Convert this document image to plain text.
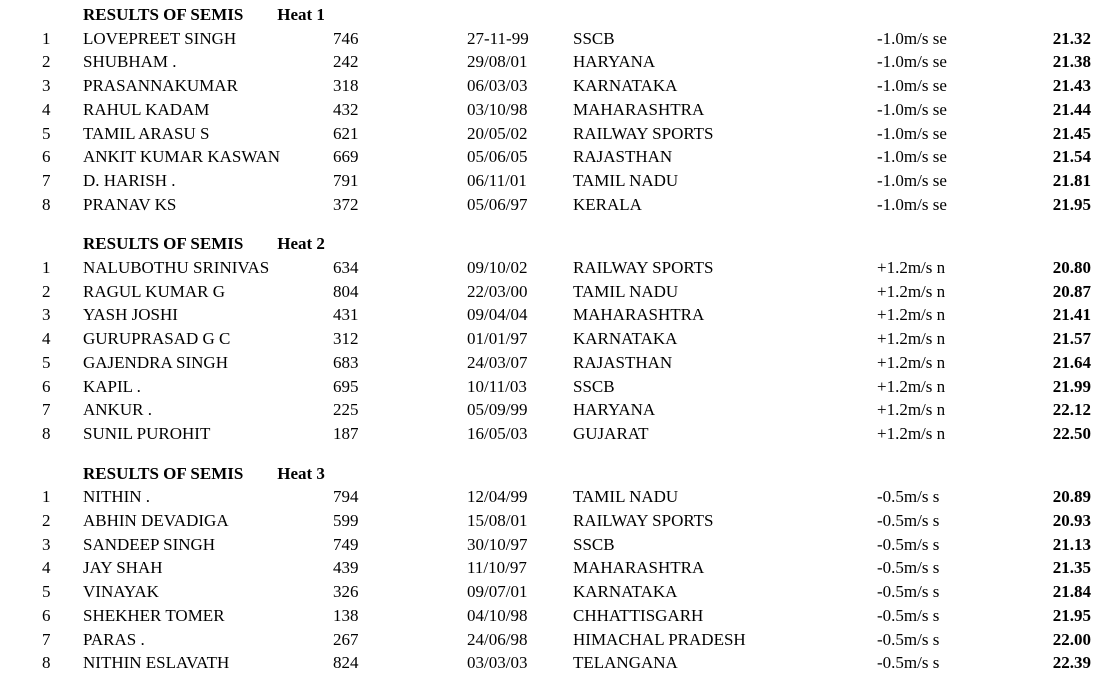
RESULTS OF SEMIS Heat 1
1	LOVEPREET SINGH	746	27-11-99	SSCB	-1.0m/s se	21.32
2	SHUBHAM .	242	29/08/01	HARYANA	-1.0m/s se	21.38
3	PRASANNAKUMAR	318	06/03/03	KARNATAKA	-1.0m/s se	21.43
4	RAHUL KADAM	432	03/10/98	MAHARASHTRA	-1.0m/s se	21.44
5	TAMIL ARASU S	621	20/05/02	RAILWAY SPORTS	-1.0m/s se	21.45
6	ANKIT KUMAR KASWAN	669	05/06/05	RAJASTHAN	-1.0m/s se	21.54
7	D. HARISH .	791	06/11/01	TAMIL NADU	-1.0m/s se	21.81
8	PRANAV KS	372	05/06/97	KERALA	-1.0m/s se	21.95
RESULTS OF SEMIS Heat 2
1	NALUBOTHU SRINIVAS	634	09/10/02	RAILWAY SPORTS	+1.2m/s n	20.80
2	RAGUL KUMAR G	804	22/03/00	TAMIL NADU	+1.2m/s n	20.87
3	YASH JOSHI	431	09/04/04	MAHARASHTRA	+1.2m/s n	21.41
4	GURUPRASAD G C	312	01/01/97	KARNATAKA	+1.2m/s n	21.57
5	GAJENDRA SINGH	683	24/03/07	RAJASTHAN	+1.2m/s n	21.64
6	KAPIL .	695	10/11/03	SSCB	+1.2m/s n	21.99
7	ANKUR .	225	05/09/99	HARYANA	+1.2m/s n	22.12
8	SUNIL PUROHIT	187	16/05/03	GUJARAT	+1.2m/s n	22.50
RESULTS OF SEMIS Heat 3
1	NITHIN .	794	12/04/99	TAMIL NADU	-0.5m/s s	20.89
2	ABHIN DEVADIGA	599	15/08/01	RAILWAY SPORTS	-0.5m/s s	20.93
3	SANDEEP SINGH	749	30/10/97	SSCB	-0.5m/s s	21.13
4	JAY SHAH	439	11/10/97	MAHARASHTRA	-0.5m/s s	21.35
5	VINAYAK	326	09/07/01	KARNATAKA	-0.5m/s s	21.84
6	SHEKHER TOMER	138	04/10/98	CHHATTISGARH	-0.5m/s s	21.95
7	PARAS .	267	24/06/98	HIMACHAL PRADESH	-0.5m/s s	22.00
8	NITHIN ESLAVATH	824	03/03/03	TELANGANA	-0.5m/s s	22.39
